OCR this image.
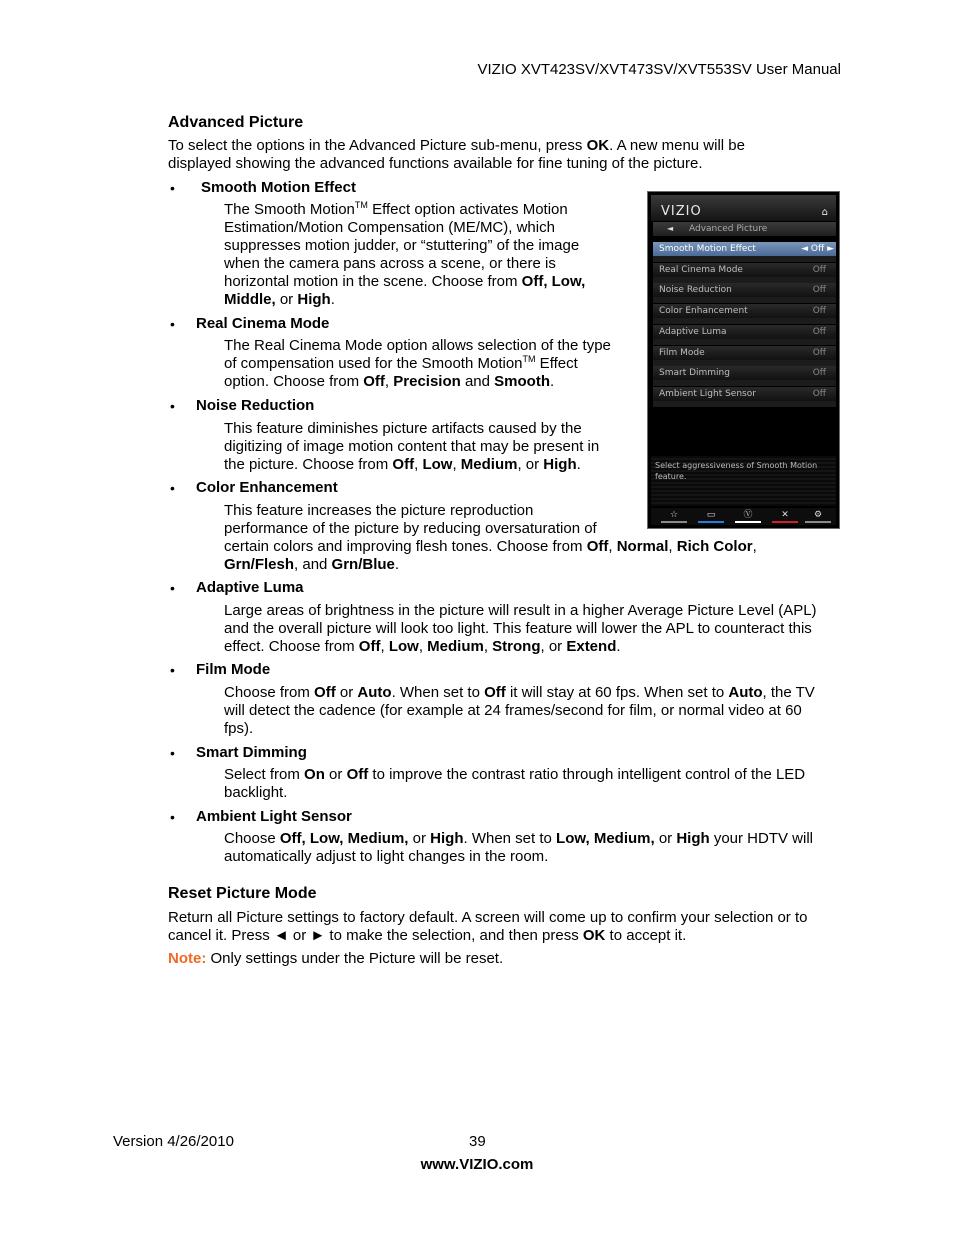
VIZIO XVT423SV/XVT473SV/XVT553SV User Manual
Advanced Picture
To select the options in the Advanced Picture sub-menu, press OK. A new menu will be
displayed showing the advanced functions available for fine tuning of the picture.
• Smooth Motion Effect
The Smooth Motion™ Effect option activates Motion
Estimation/Motion Compensation (ME/MC), which
suppresses motion judder, or “stuttering” of the image
when the camera pans across a scene, or there is
horizontal motion in the scene. Choose from Off, Low,
Middle, or High.
• Real Cinema Mode
The Real Cinema Mode option allows selection of the type
of compensation used for the Smooth Motion™ Effect
option. Choose from Off, Precision and Smooth.
• Noise Reduction
This feature diminishes picture artifacts caused by the
digitizing of image motion content that may be present in
the picture. Choose from Off, Low, Medium, or High.
• Color Enhancement
This feature increases the picture reproduction
performance of the picture by reducing oversaturation of
certain colors and improving flesh tones. Choose from Off, Normal, Rich Color,
Grn/Flesh, and Grn/Blue.
• Adaptive Luma
Large areas of brightness in the picture will result in a higher Average Picture Level (APL)
and the overall picture will look too light. This feature will lower the APL to counteract this
effect. Choose from Off, Low, Medium, Strong, or Extend.
• Film Mode
Choose from Off or Auto. When set to Off it will stay at 60 fps. When set to Auto, the TV
will detect the cadence (for example at 24 frames/second for film, or normal video at 60
fps).
• Smart Dimming
Select from On or Off to improve the contrast ratio through intelligent control of the LED
backlight.
• Ambient Light Sensor
Choose Off, Low, Medium, or High. When set to Low, Medium, or High your HDTV will
automatically adjust to light changes in the room.
Reset Picture Mode
Return all Picture settings to factory default. A screen will come up to confirm your selection or to
cancel it. Press ◄ or ► to make the selection, and then press OK to accept it.
Note: Only settings under the Picture will be reset.
VIZIO	⌂
◄ Advanced Picture
Smooth Motion Effect	◄ Off ►
Real Cinema Mode	Off
Noise Reduction	Off
Color Enhancement	Off
Adaptive Luma	Off
Film Mode	Off
Smart Dimming	Off
Ambient Light Sensor	Off
Select aggressiveness of Smooth Motion feature.
☆	▭	Ⓥ	✕	⚙
Version 4/26/2010	39
www.VIZIO.com
